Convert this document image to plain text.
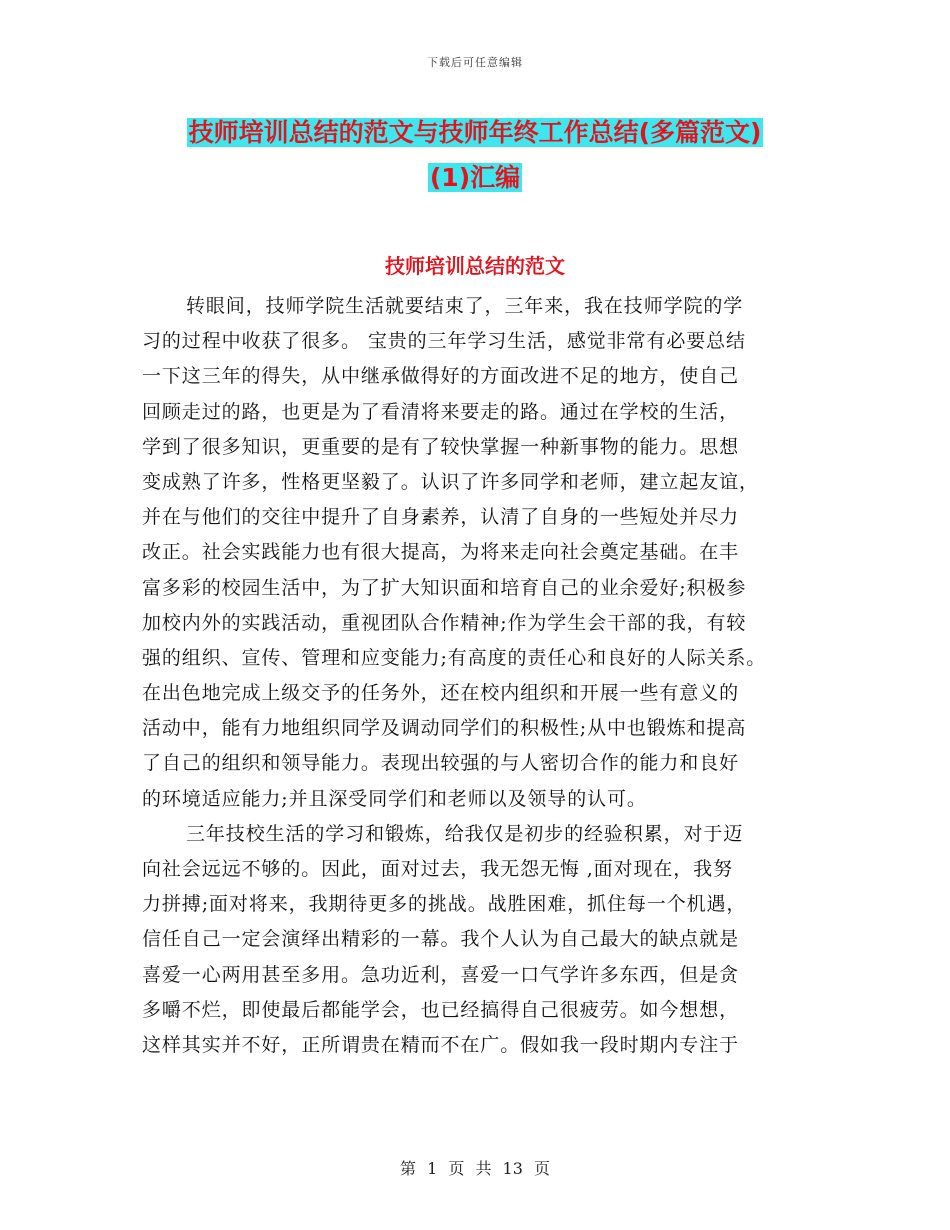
下载后可任意编辑
技师培训总结的范文与技师年终工作总结(多篇范文)
(1)汇编
技师培训总结的范文
转眼间，技师学院生活就要结束了，三年来，我在技师学院的学
习的过程中收获了很多。 宝贵的三年学习生活，感觉非常有必要总结
一下这三年的得失，从中继承做得好的方面改进不足的地方，使自己
回顾走过的路，也更是为了看清将来要走的路。通过在学校的生活，
学到了很多知识，更重要的是有了较快掌握一种新事物的能力。思想
变成熟了许多，性格更坚毅了。认识了许多同学和老师，建立起友谊，
并在与他们的交往中提升了自身素养，认清了自身的一些短处并尽力
改正。社会实践能力也有很大提高，为将来走向社会奠定基础。在丰
富多彩的校园生活中，为了扩大知识面和培育自己的业余爱好;积极参
加校内外的实践活动，重视团队合作精神;作为学生会干部的我，有较
强的组织、宣传、管理和应变能力;有高度的责任心和良好的人际关系。
在出色地完成上级交予的任务外，还在校内组织和开展一些有意义的
活动中，能有力地组织同学及调动同学们的积极性;从中也锻炼和提高
了自己的组织和领导能力。表现出较强的与人密切合作的能力和良好
的环境适应能力;并且深受同学们和老师以及领导的认可。
三年技校生活的学习和锻炼，给我仅是初步的经验积累，对于迈
向社会远远不够的。因此，面对过去，我无怨无悔 ,面对现在，我努
力拼搏;面对将来，我期待更多的挑战。战胜困难，抓住每一个机遇，
信任自己一定会演绎出精彩的一幕。我个人认为自己最大的缺点就是
喜爱一心两用甚至多用。急功近利，喜爱一口气学许多东西，但是贪
多嚼不烂，即使最后都能学会，也已经搞得自己很疲劳。如今想想，
这样其实并不好，正所谓贵在精而不在广。假如我一段时期内专注于
第 1 页 共 13 页
